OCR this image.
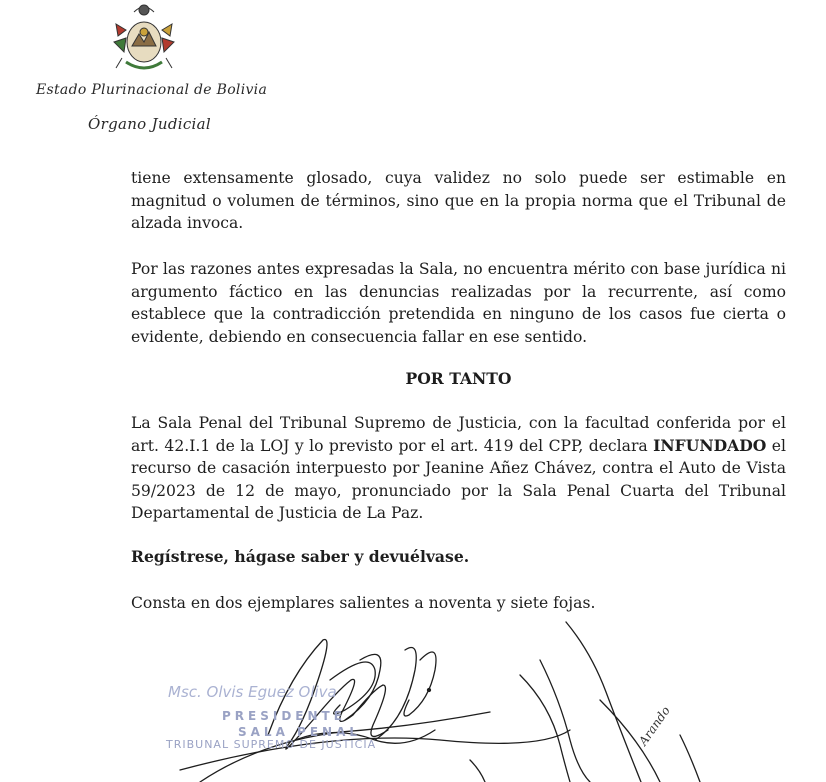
Estado Plurinacional de Bolivia
Órgano Judicial
tiene extensamente glosado, cuya validez no solo puede ser estimable en magnitud o volumen de términos, sino que en la propia norma que el Tribunal de alzada invoca.
Por las razones antes expresadas la Sala, no encuentra mérito con base jurídica ni argumento fáctico en las denuncias realizadas por la recurrente, así como establece que la contradicción pretendida en ninguno de los casos fue cierta o evidente, debiendo en consecuencia fallar en ese sentido.
POR TANTO
La Sala Penal del Tribunal Supremo de Justicia, con la facultad conferida por el art. 42.I.1 de la LOJ y lo previsto por el art. 419 del CPP, declara INFUNDADO el recurso de casación interpuesto por Jeanine Añez Chávez, contra el Auto de Vista 59/2023 de 12 de mayo, pronunciado por la Sala Penal Cuarta del Tribunal Departamental de Justicia de La Paz.
Regístrese, hágase saber y devuélvase.
Consta en dos ejemplares salientes a noventa y siete fojas.
Msc. Olvis Eguez Oliva
PRESIDENTE
SALA PENAL
TRIBUNAL SUPREMO DE JUSTICIA	Arando
